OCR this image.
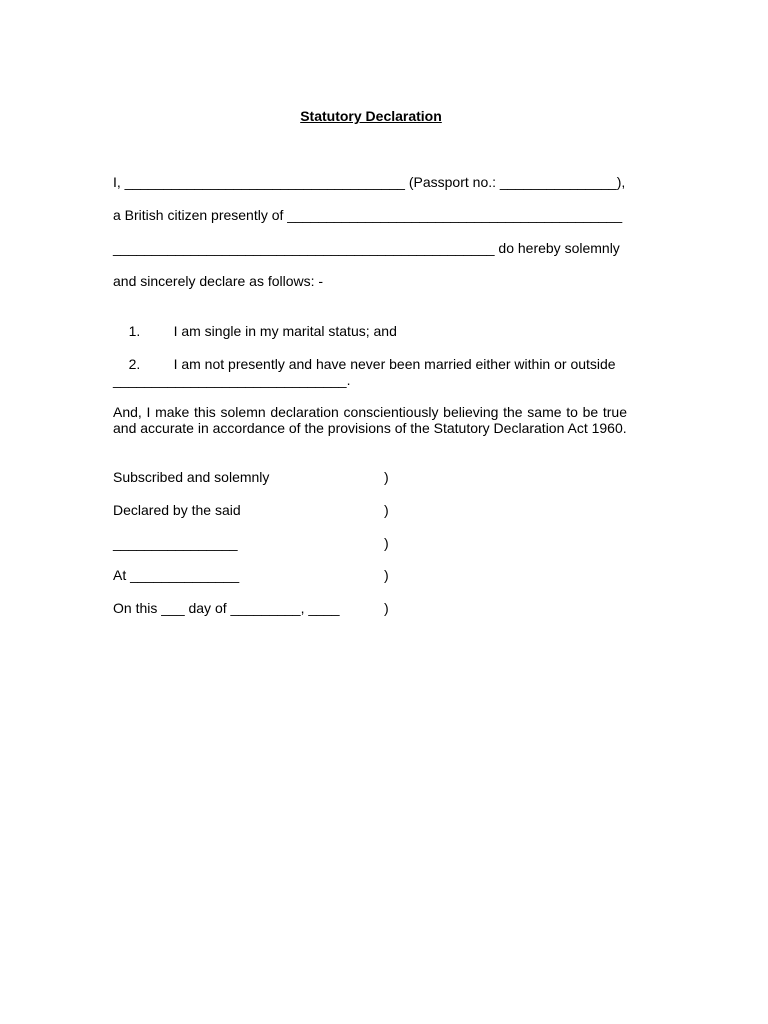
Statutory Declaration
I, ____________________________________ (Passport no.: _______________),
a British citizen presently of ___________________________________________
_________________________________________________ do hereby solemnly
and sincerely declare as follows: -

1. I am single in my marital status; and

2. I am not presently and have never been married either within or outside

______________________________.
And, I make this solemn declaration conscientiously believing the same to be true and accurate in accordance of the provisions of the Statutory Declaration Act 1960.
Subscribed and solemnly	)
Declared by the said	)
________________	)
At ______________	)
On this ___ day of _________, ____	)
